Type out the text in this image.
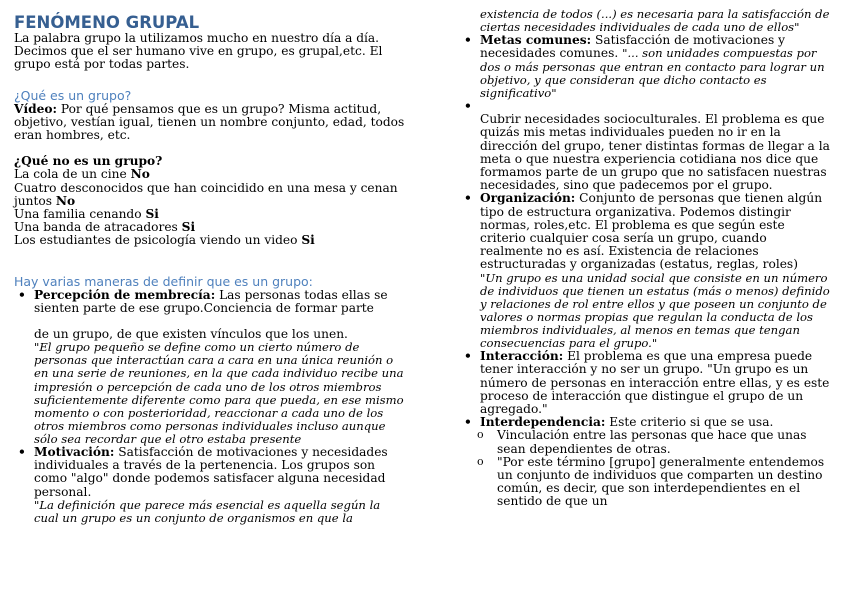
FENÓMENO GRUPAL

La palabra grupo la utilizamos mucho en nuestro día a día. Decimos que el ser humano vive en grupo, es grupal,etc. El grupo está por todas partes.

¿Qué es un grupo?

Vídeo: Por qué pensamos que es un grupo? Misma actitud, objetivo, vestían igual, tienen un nombre conjunto, edad, todos eran hombres, etc.

¿Qué no es un grupo?
La cola de un cine No
Cuatro desconocidos que han coincidido en una mesa y cenan juntos No
Una familia cenando Si
Una banda de atracadores Si
Los estudiantes de psicología viendo un video Si
Hay varias maneras de definir que es un grupo:
• Percepción de membrecía: Las personas todas ellas se sienten parte de ese grupo.Conciencia de formar parte
de un grupo, de que existen vínculos que los unen.
"El grupo pequeño se define como un cierto número de personas que interactúan cara a cara en una única reunión o en una serie de reuniones, en la que cada individuo recibe una impresión o percepción de cada uno de los otros miembros suficientemente diferente como para que pueda, en ese mismo momento o con posterioridad, reaccionar a cada uno de los otros miembros como personas individuales incluso aunque sólo sea recordar que el otro estaba presente
• Motivación: Satisfacción de motivaciones y necesidades individuales a través de la pertenencia. Los grupos son como "algo" donde podemos satisfacer alguna necesidad personal.
"La definición que parece más esencial es aquella según la cual un grupo es un conjunto de organismos en que la
existencia de todos (...) es necesaria para la satisfacción de ciertas necesidades individuales de cada uno de ellos"
• Metas comunes: Satisfacción de motivaciones y necesidades comunes. "... son unidades compuestas por dos o más personas que entran en contacto para lograr un objetivo, y que consideran que dicho contacto es significativo"
• Cubrir necesidades socioculturales. El problema es que quizás mis metas individuales pueden no ir en la dirección del grupo, tener distintas formas de llegar a la meta o que nuestra experiencia cotidiana nos dice que formamos parte de un grupo que no satisfacen nuestras necesidades, sino que padecemos por el grupo.
• Organización: Conjunto de personas que tienen algún tipo de estructura organizativa. Podemos distingir normas, roles,etc. El problema es que según este criterio cualquier cosa sería un grupo, cuando realmente no es así. Existencia de relaciones estructuradas y organizadas (estatus, reglas, roles)
"Un grupo es una unidad social que consiste en un número de individuos que tienen un estatus (más o menos) definido y relaciones de rol entre ellos y que poseen un conjunto de valores o normas propias que regulan la conducta de los miembros individuales, al menos en temas que tengan consecuencias para el grupo."
• Interacción: El problema es que una empresa puede tener interacción y no ser un grupo. "Un grupo es un número de personas en interacción entre ellas, y es este proceso de interacción que distingue el grupo de un agregado."
• Interdependencia: Este criterio si que se usa.
o Vinculación entre las personas que hace que unas sean dependientes de otras.
o "Por este término [grupo] generalmente entendemos un conjunto de individuos que comparten un destino común, es decir, que son interdependientes en el sentido de que un
